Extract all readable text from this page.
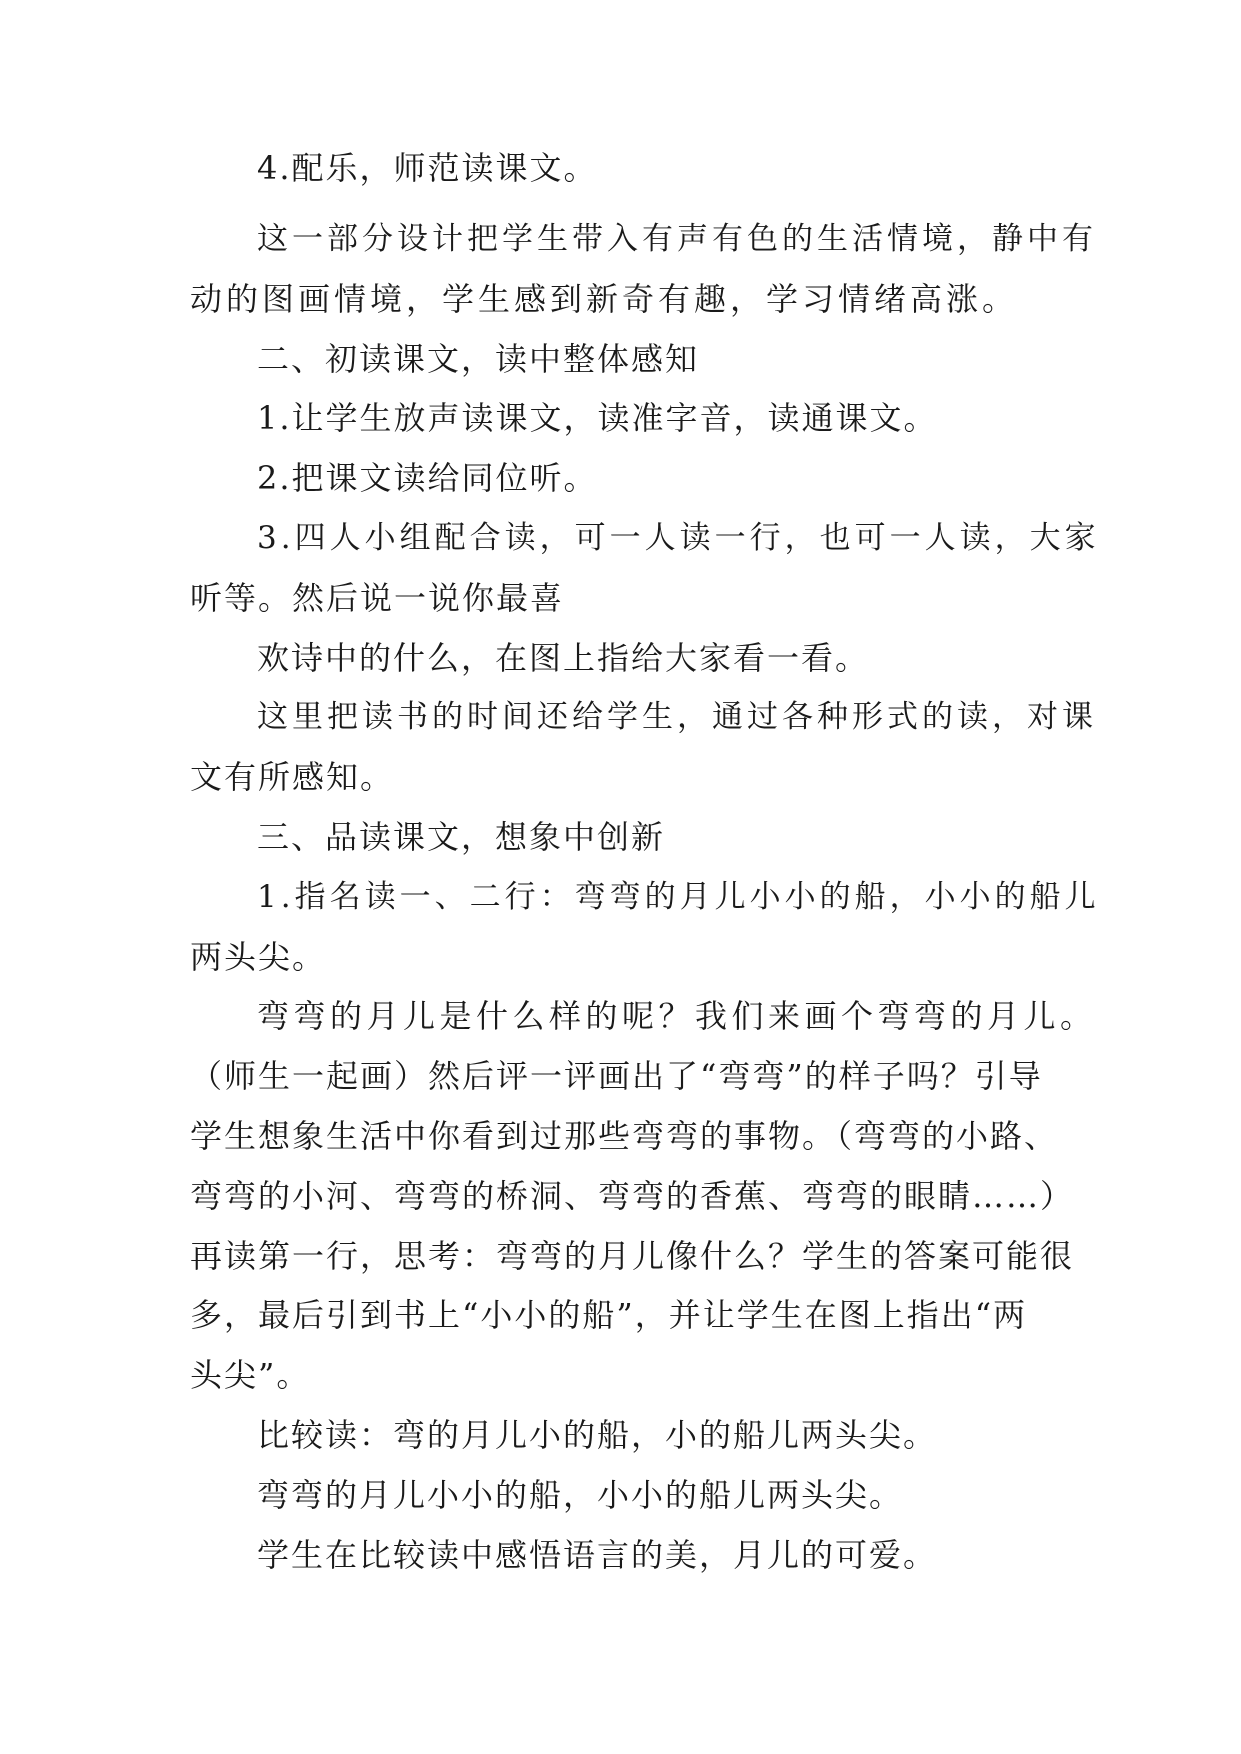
4.配乐，师范读课文。

这一部分设计把学生带入有声有色的生活情境，静中有

动的图画情境，学生感到新奇有趣，学习情绪高涨。

二、初读课文，读中整体感知

1.让学生放声读课文，读准字音，读通课文。

2.把课文读给同位听。

3.四人小组配合读，可一人读一行，也可一人读，大家

听等。然后说一说你最喜

欢诗中的什么，在图上指给大家看一看。

这里把读书的时间还给学生，通过各种形式的读，对课

文有所感知。

三、品读课文，想象中创新

1.指名读一、二行：弯弯的月儿小小的船，小小的船儿

两头尖。

弯弯的月儿是什么样的呢？我们来画个弯弯的月儿。

（师生一起画）然后评一评画出了“弯弯”的样子吗？引导

学生想象生活中你看到过那些弯弯的事物。（弯弯的小路、

弯弯的小河、弯弯的桥洞、弯弯的香蕉、弯弯的眼睛……）

再读第一行，思考：弯弯的月儿像什么？学生的答案可能很

多，最后引到书上“小小的船”，并让学生在图上指出“两

头尖”。

比较读：弯的月儿小的船，小的船儿两头尖。

弯弯的月儿小小的船，小小的船儿两头尖。

学生在比较读中感悟语言的美，月儿的可爱。
